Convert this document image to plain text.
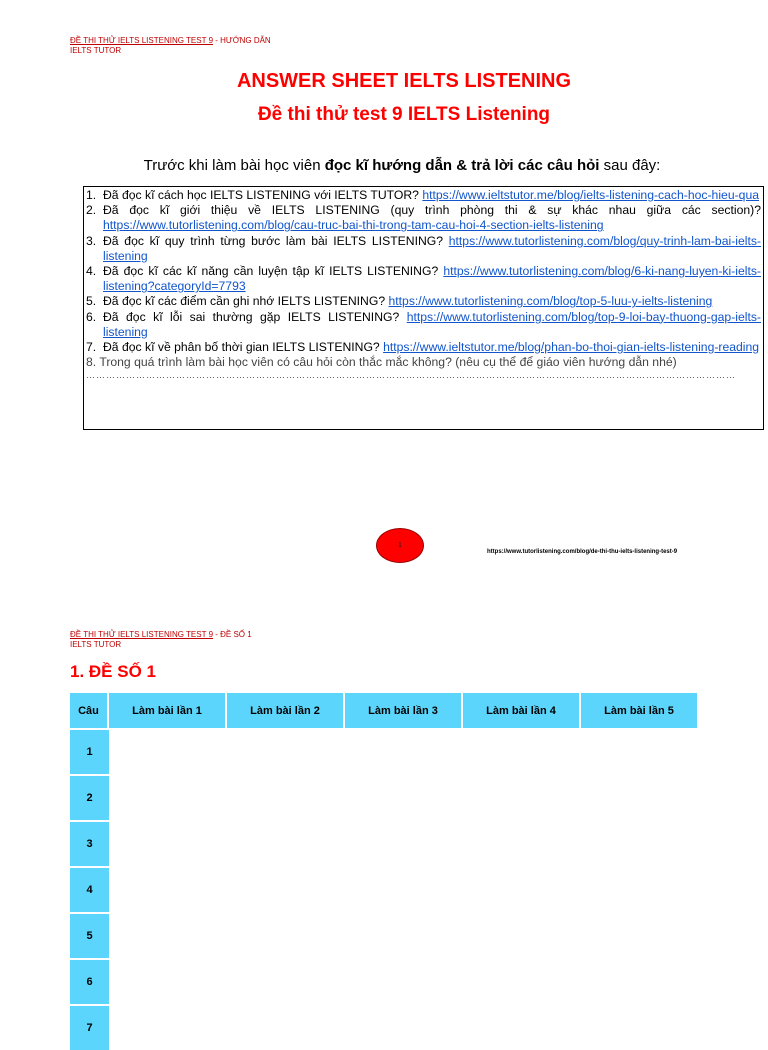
ĐỀ THI THỬ IELTS LISTENING TEST 9 - HƯỚNG DẪN
IELTS TUTOR
ANSWER SHEET IELTS LISTENING
Đề thi thử test 9 IELTS Listening
Trước khi làm bài học viên đọc kĩ hướng dẫn & trả lời các câu hỏi sau đây:
1. Đã đọc kĩ cách học IELTS LISTENING với IELTS TUTOR? https://www.ieltstutor.me/blog/ielts-listening-cach-hoc-hieu-qua
2. Đã đọc kĩ giới thiệu về IELTS LISTENING (quy trình phòng thi & sự khác nhau giữa các section)? https://www.tutorlistening.com/blog/cau-truc-bai-thi-trong-tam-cau-hoi-4-section-ielts-listening
3. Đã đọc kĩ quy trình từng bước làm bài IELTS LISTENING? https://www.tutorlistening.com/blog/quy-trinh-lam-bai-ielts-listening
4. Đã đọc kĩ các kĩ năng cần luyện tập kĩ IELTS LISTENING? https://www.tutorlistening.com/blog/6-ki-nang-luyen-ki-ielts-listening?categoryId=7793
5. Đã đọc kĩ các điểm cần ghi nhớ IELTS LISTENING? https://www.tutorlistening.com/blog/top-5-luu-y-ielts-listening
6. Đã đọc kĩ lỗi sai thường gặp IELTS LISTENING? https://www.tutorlistening.com/blog/top-9-loi-bay-thuong-gap-ielts-listening
7. Đã đọc kĩ về phân bố thời gian IELTS LISTENING? https://www.ieltstutor.me/blog/phan-bo-thoi-gian-ielts-listening-reading
8. Trong quá trình làm bài học viên có câu hỏi còn thắc mắc không? (nêu cụ thể để giáo viên hướng dẫn nhé)
……………………………………………………………………………………………………………………………………………………………………………
1
https://www.tutorlistening.com/blog/de-thi-thu-ielts-listening-test-9
ĐỀ THI THỬ IELTS LISTENING TEST 9 - ĐỀ SỐ 1
IELTS TUTOR
1. ĐỀ SỐ 1
Câu	Làm bài lần 1	Làm bài lần 2	Làm bài lần 3	Làm bài lần 4	Làm bài lần 5
1					
2					
3					
4					
5					
6					
7					
